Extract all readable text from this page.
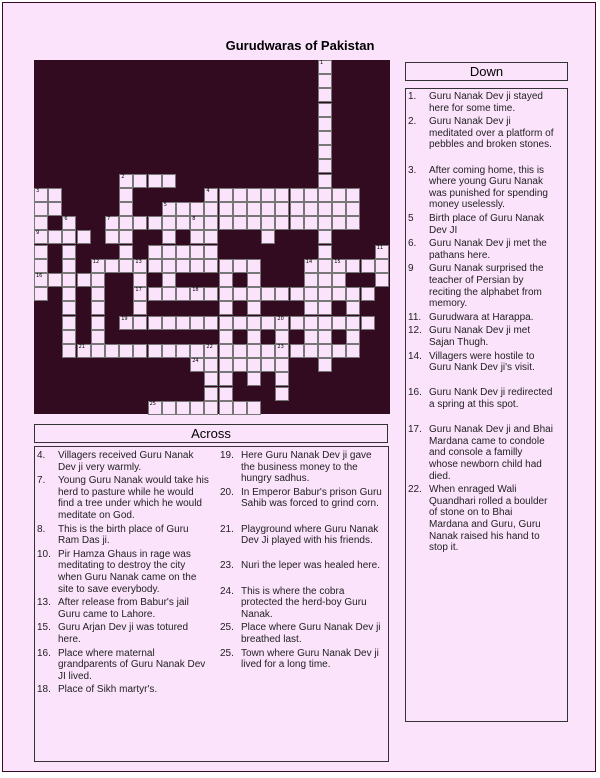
Gurudwaras of Pakistan
2
3	4
5
7	8
9
11
12	13	14	15
16
17	18
19	20
21	22	23
24
25
1
6
Down
1.	Guru Nanak Dev ji stayed here for some time.
2.	Guru Nanak Dev ji meditated over a platform of pebbles and broken stones.
3.	After coming home, this is where young Guru Nanak was punished for spending money uselessly.
5	Birth place of Guru Nanak Dev JI
6.	Guru Nanak Dev ji met the pathans here.
9	Guru Nanak surprised the teacher of Persian by reciting the alphabet from memory.
11. Gurudwara at Harappa.
12. Guru Nanak Dev ji met Sajan Thugh.
14. Villagers were hostile to Guru Nank Dev ji's visit.
16. Guru Nank Dev ji redirected a spring at this spot.
17. Guru Nanak Dev ji and Bhai Mardana came to condole and console a familly whose newborn child had died.
22. When enraged Wali Quandhari rolled a boulder of stone on to Bhai Mardana and Guru, Guru Nanak raised his hand to stop it.
Across
4.	Villagers received Guru Nanak Dev ji very warmly.
7.	Young Guru Nanak would take his herd to pasture while he would find a tree under which he would meditate on God.
8.	This is the birth place of Guru Ram Das ji.
10. Pir Hamza Ghaus in rage was meditating to destroy the city when Guru Nanak came on the site to save everybody.
13. After release from Babur's jail Guru came to Lahore.
15. Guru Arjan Dev ji was totured here.
16. Place where maternal grandparents of Guru Nanak Dev JI lived.
18. Place of Sikh martyr's.
19. Here Guru Nanak Dev ji gave the business money to the hungry sadhus.
20. In Emperor Babur's prison Guru Sahib was forced to grind corn.
21. Playground where Guru Nanak Dev Ji played with his friends.
23. Nuri the leper was healed here.
24. This is where the cobra protected the herd-boy Guru Nanak.
25. Place where Guru Nanak Dev ji breathed last.
25. Town where Guru Nanak Dev ji lived for a long time.
